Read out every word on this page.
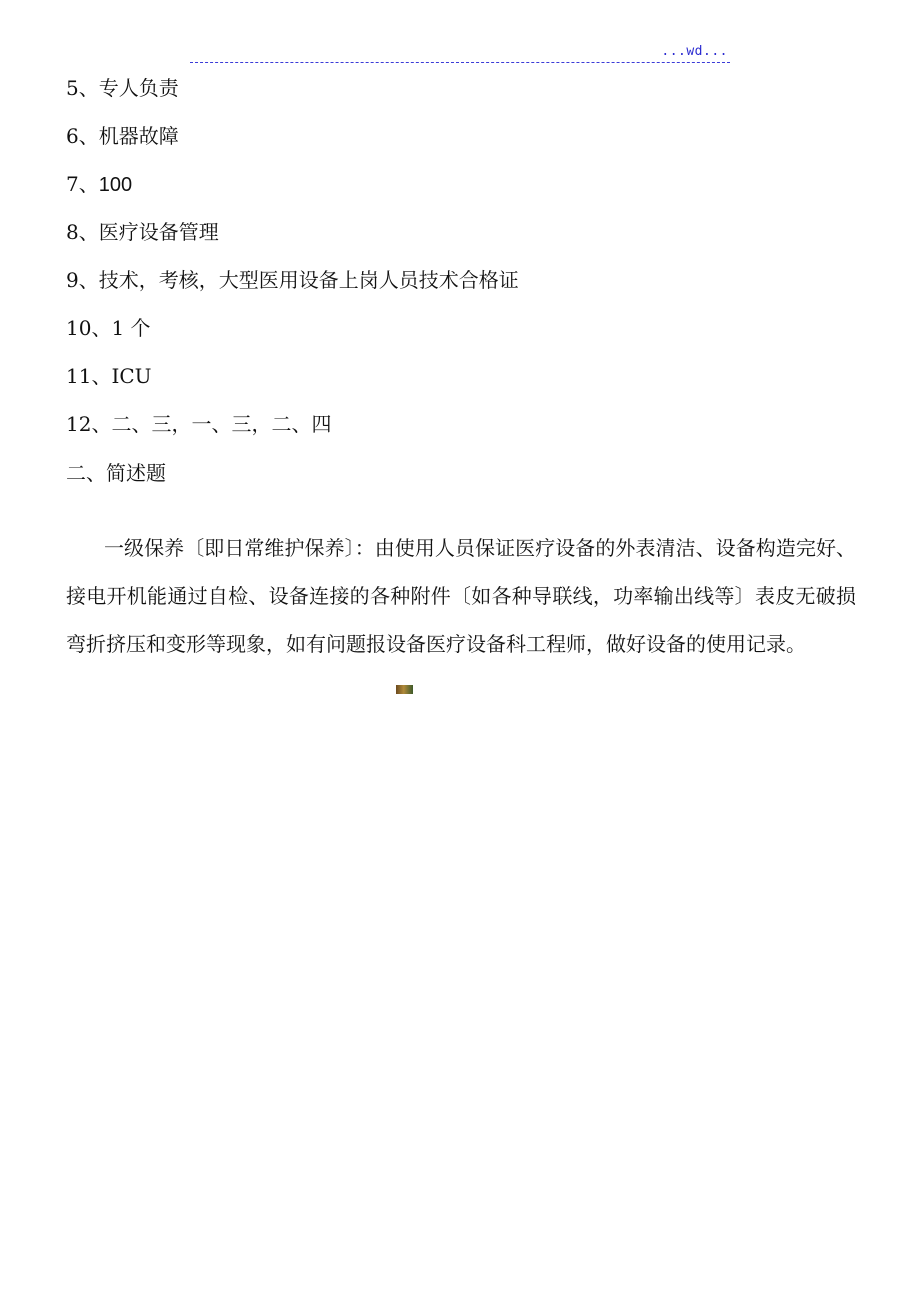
...wd...
5、专人负责
6、机器故障
7、100
8、医疗设备管理
9、技术，考核，大型医用设备上岗人员技术合格证
10、1 个
11、ICU
12、二、三，一、三，二、四
二、简述题

一级保养〔即日常维护保养〕：由使用人员保证医疗设备的外表清洁、设备构造完好、接电开机能通过自检、设备连接的各种附件〔如各种导联线，功率输出线等〕表皮无破损弯折挤压和变形等现象，如有问题报设备医疗设备科工程师，做好设备的使用记录。
